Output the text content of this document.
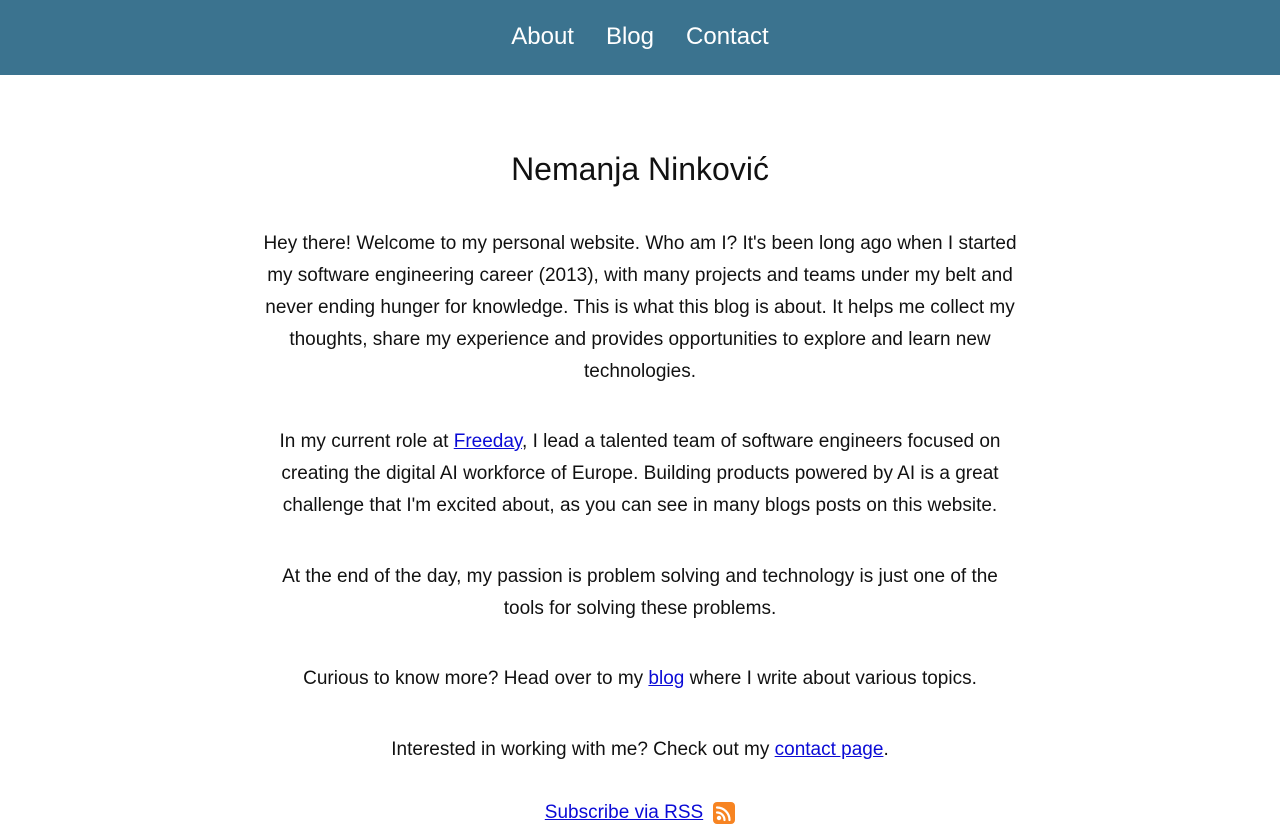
About Blog Contact
Nemanja Ninković

Hey there! Welcome to my personal website. Who am I? It's been long ago when I started my software engineering career (2013), with many projects and teams under my belt and never ending hunger for knowledge. This is what this blog is about. It helps me collect my thoughts, share my experience and provides opportunities to explore and learn new technologies.

In my current role at Freeday, I lead a talented team of software engineers focused on creating the digital AI workforce of Europe. Building products powered by AI is a great challenge that I'm excited about, as you can see in many blogs posts on this website.

At the end of the day, my passion is problem solving and technology is just one of the tools for solving these problems.

Curious to know more? Head over to my blog where I write about various topics.

Interested in working with me? Check out my contact page.

Subscribe via RSS
